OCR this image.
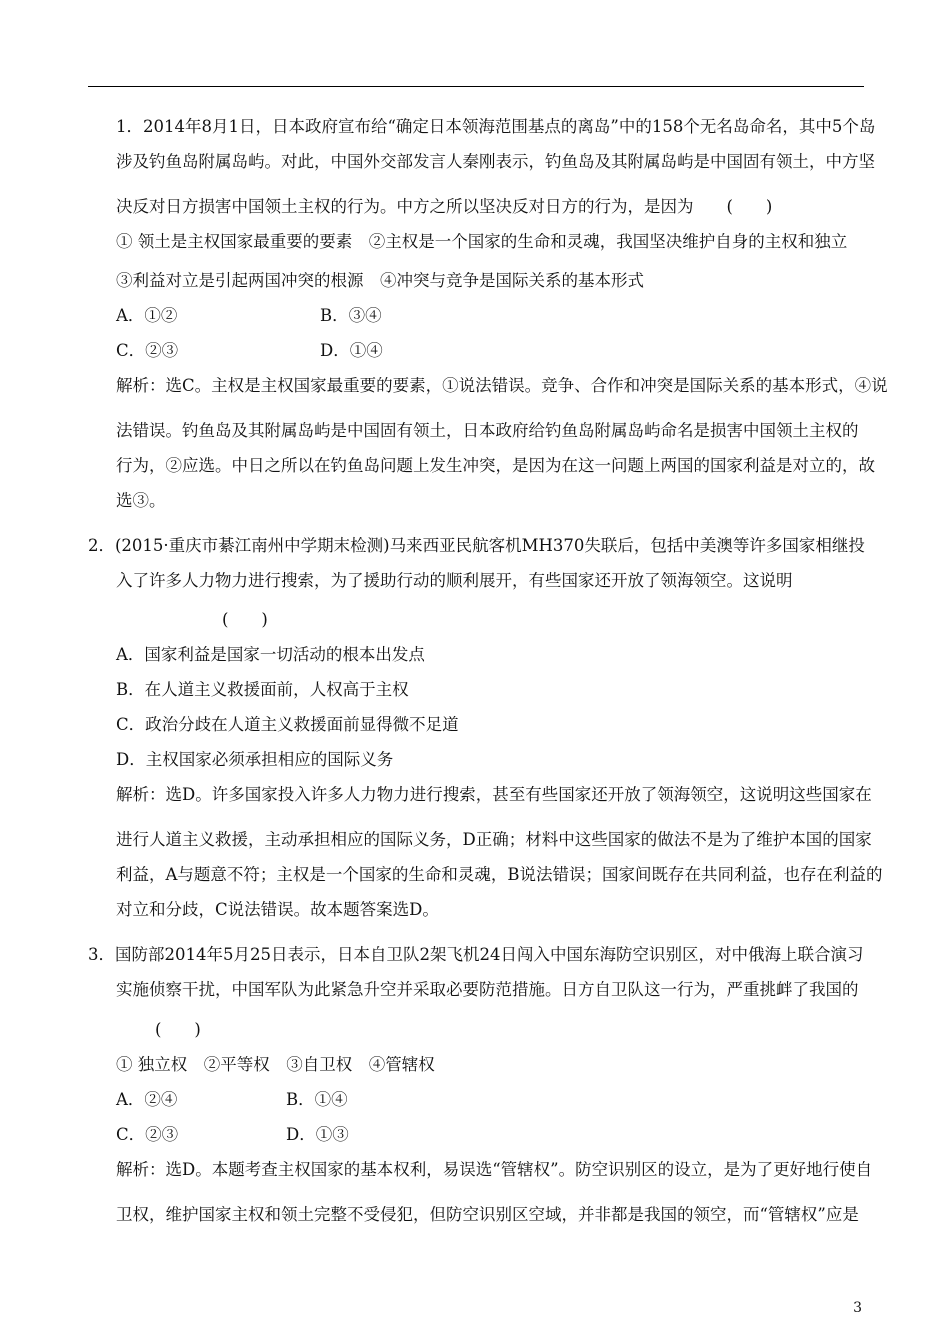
1．2014年8月1日，日本政府宣布给“确定日本领海范围基点的离岛”中的158个无名岛命名，其中5个岛
涉及钓鱼岛附属岛屿。对此，中国外交部发言人秦刚表示，钓鱼岛及其附属岛屿是中国固有领土，中方坚
决反对日方损害中国领土主权的行为。中方之所以坚决反对日方的行为，是因为　　(　　)
① 领土是主权国家最重要的要素　②主权是一个国家的生命和灵魂，我国坚决维护自身的主权和独立
③利益对立是引起两国冲突的根源　④冲突与竞争是国际关系的基本形式
A．①②	B．③④
C．②③	D．①④
解析：选C。主权是主权国家最重要的要素，①说法错误。竞争、合作和冲突是国际关系的基本形式，④说
法错误。钓鱼岛及其附属岛屿是中国固有领土，日本政府给钓鱼岛附属岛屿命名是损害中国领土主权的
行为，②应选。中日之所以在钓鱼岛问题上发生冲突，是因为在这一问题上两国的国家利益是对立的，故
选③。
2．(2015·重庆市綦江南州中学期末检测)马来西亚民航客机MH370失联后，包括中美澳等许多国家相继投
入了许多人力物力进行搜索，为了援助行动的顺利展开，有些国家还开放了领海领空。这说明
(　　)
A．国家利益是国家一切活动的根本出发点
B．在人道主义救援面前，人权高于主权
C．政治分歧在人道主义救援面前显得微不足道
D．主权国家必须承担相应的国际义务
解析：选D。许多国家投入许多人力物力进行搜索，甚至有些国家还开放了领海领空，这说明这些国家在
进行人道主义救援，主动承担相应的国际义务，D正确；材料中这些国家的做法不是为了维护本国的国家
利益，A与题意不符；主权是一个国家的生命和灵魂，B说法错误；国家间既存在共同利益，也存在利益的
对立和分歧，C说法错误。故本题答案选D。
3．国防部2014年5月25日表示，日本自卫队2架飞机24日闯入中国东海防空识别区，对中俄海上联合演习
实施侦察干扰，中国军队为此紧急升空并采取必要防范措施。日方自卫队这一行为，严重挑衅了我国的
(　　)
① 独立权　②平等权　③自卫权　④管辖权
A．②④	B．①④
C．②③	D．①③
解析：选D。本题考查主权国家的基本权利，易误选“管辖权”。防空识别区的设立，是为了更好地行使自
卫权，维护国家主权和领土完整不受侵犯，但防空识别区空域，并非都是我国的领空，而“管辖权”应是
3
